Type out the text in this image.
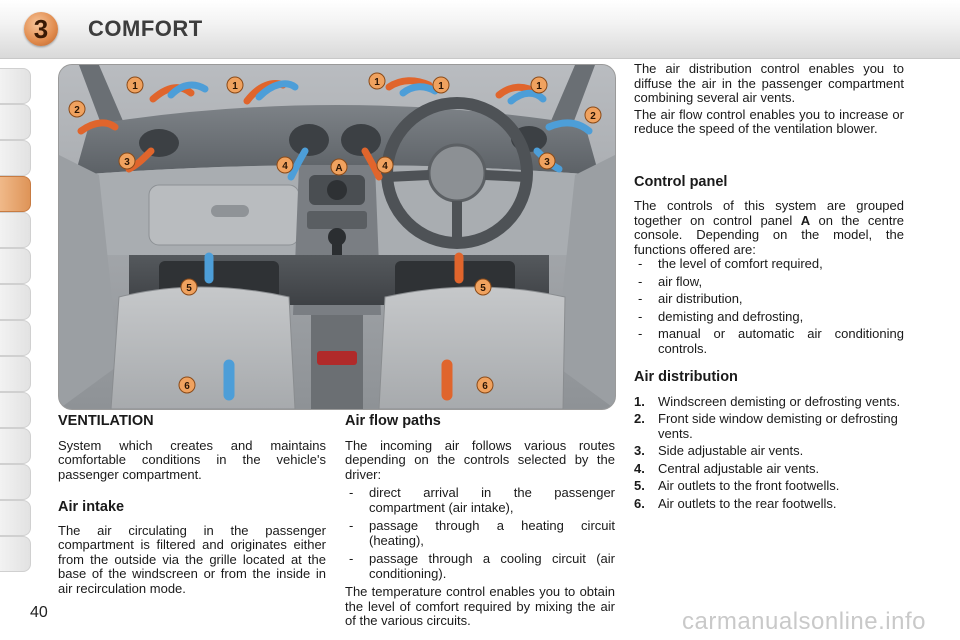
3	COMFORT
1	1	1	1	1
2
2
3	3
4	4
A
5	5
6	6
VENTILATION

System which creates and maintains comfortable conditions in the vehicle's passenger compartment.

Air intake

The air circulating in the passenger compartment is filtered and originates either from the outside via the grille located at the base of the windscreen or from the inside in air recirculation mode.

Air flow paths

The incoming air follows various routes depending on the controls selected by the driver:

- direct arrival in the passenger compartment (air intake),
- passage through a heating circuit (heating),
- passage through a cooling circuit (air conditioning).

The temperature control enables you to obtain the level of comfort required by mixing the air of the various circuits.

The air distribution control enables you to diffuse the air in the passenger compartment combining several air vents.

The air flow control enables you to increase or reduce the speed of the ventilation blower.

Control panel

The controls of this system are grouped together on control panel A on the centre console. Depending on the model, the functions offered are:

- the level of comfort required,
- air flow,
- air distribution,
- demisting and defrosting,
- manual or automatic air conditioning controls.
Air distribution
1. Windscreen demisting or defrosting vents.
2. Front side window demisting or defrosting vents.
3. Side adjustable air vents.
4. Central adjustable air vents.
5. Air outlets to the front footwells.
6. Air outlets to the rear footwells.
40	carmanualsonline.info
